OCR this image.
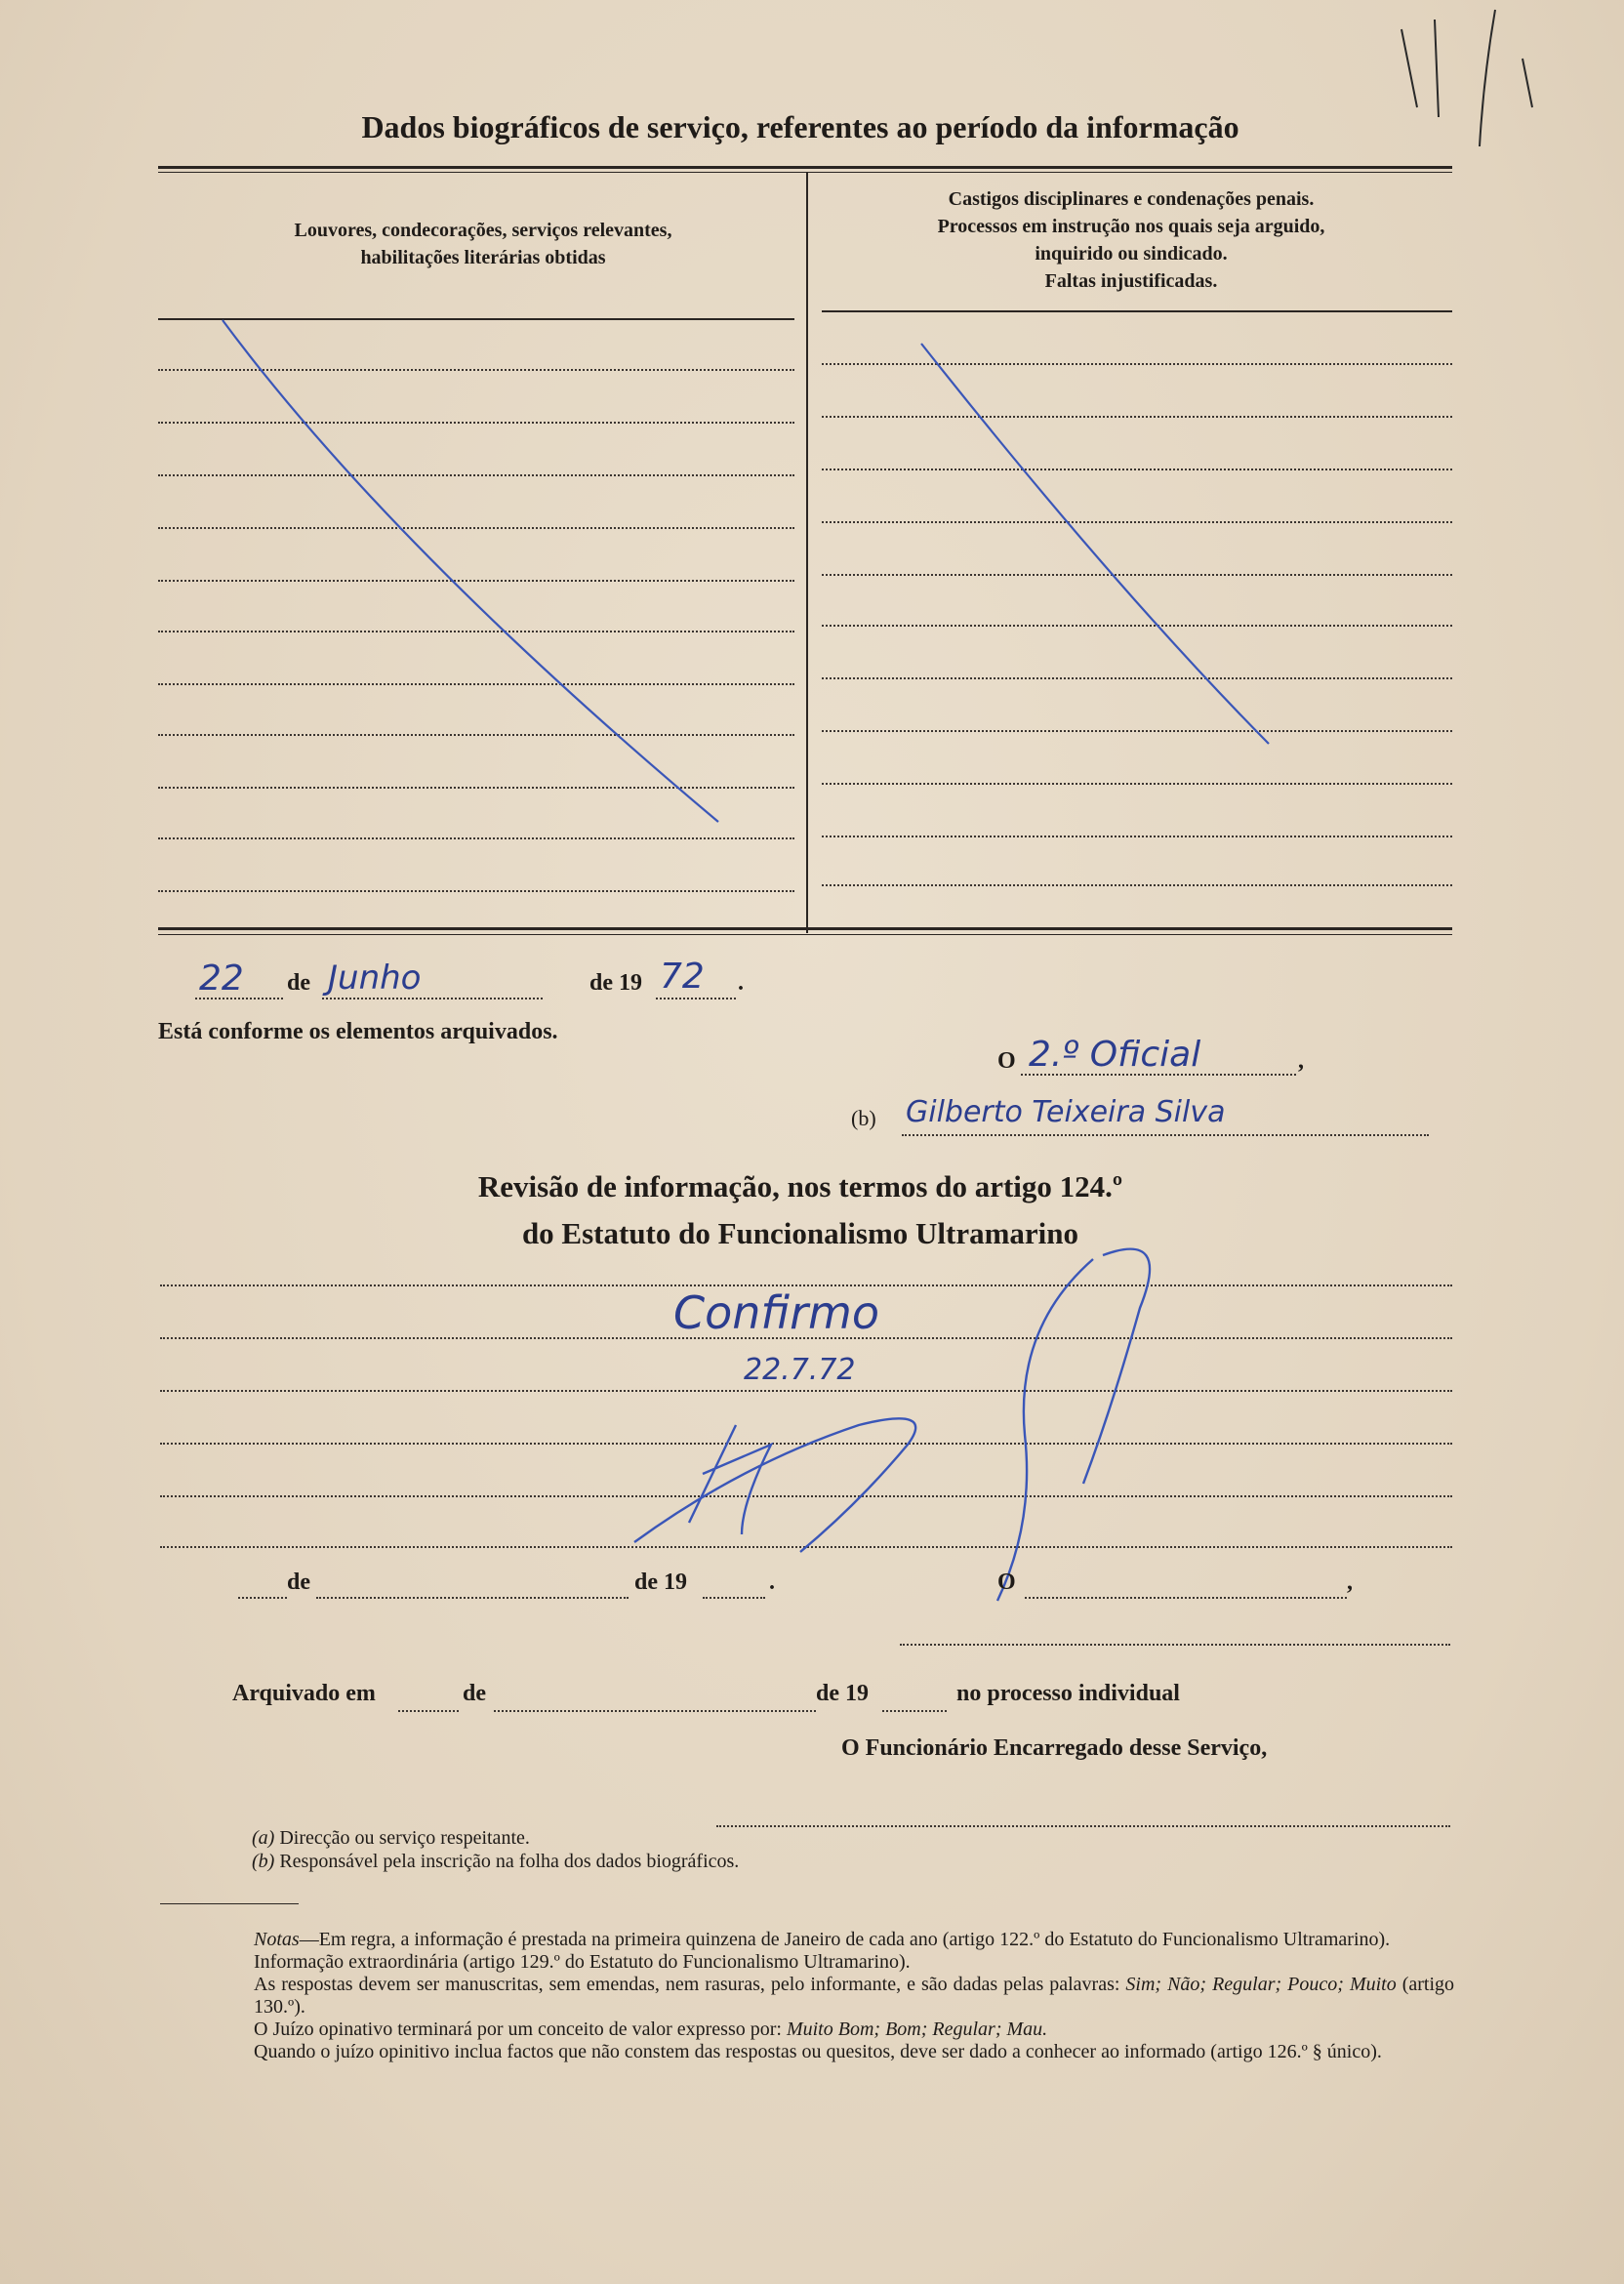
Dados biográficos de serviço, referentes ao período da informação
Louvores, condecorações, serviços relevantes,
habilitações literárias obtidas
Castigos disciplinares e condenações penais.
Processos em instrução nos quais seja arguido,
inquirido ou sindicado.
Faltas injustificadas.
22 de Junho	de 19 72 .
Está conforme os elementos arquivados.
O 2.º Oficial	,
(b) Gilberto Teixeira Silva
Revisão de informação, nos termos do artigo 124.º
do Estatuto do Funcionalismo Ultramarino
Confirmo
22.7.72
de	de 19	.	O	,
Arquivado em	de	de 19	no processo individual
O Funcionário Encarregado desse Serviço,
(a) Direcção ou serviço respeitante.
(b) Responsável pela inscrição na folha dos dados biográficos.

Notas—Em regra, a informação é prestada na primeira quinzena de Janeiro de cada ano (artigo 122.º do Estatuto do Funcionalismo Ultramarino).

Informação extraordinária (artigo 129.º do Estatuto do Funcionalismo Ultramarino).

As respostas devem ser manuscritas, sem emendas, nem rasuras, pelo informante, e são dadas pelas palavras: Sim; Não; Regular; Pouco; Muito (artigo 130.º).

O Juízo opinativo terminará por um conceito de valor expresso por: Muito Bom; Bom; Regular; Mau.

Quando o juízo opinitivo inclua factos que não constem das respostas ou quesitos, deve ser dado a conhecer ao informado (artigo 126.º § único).
